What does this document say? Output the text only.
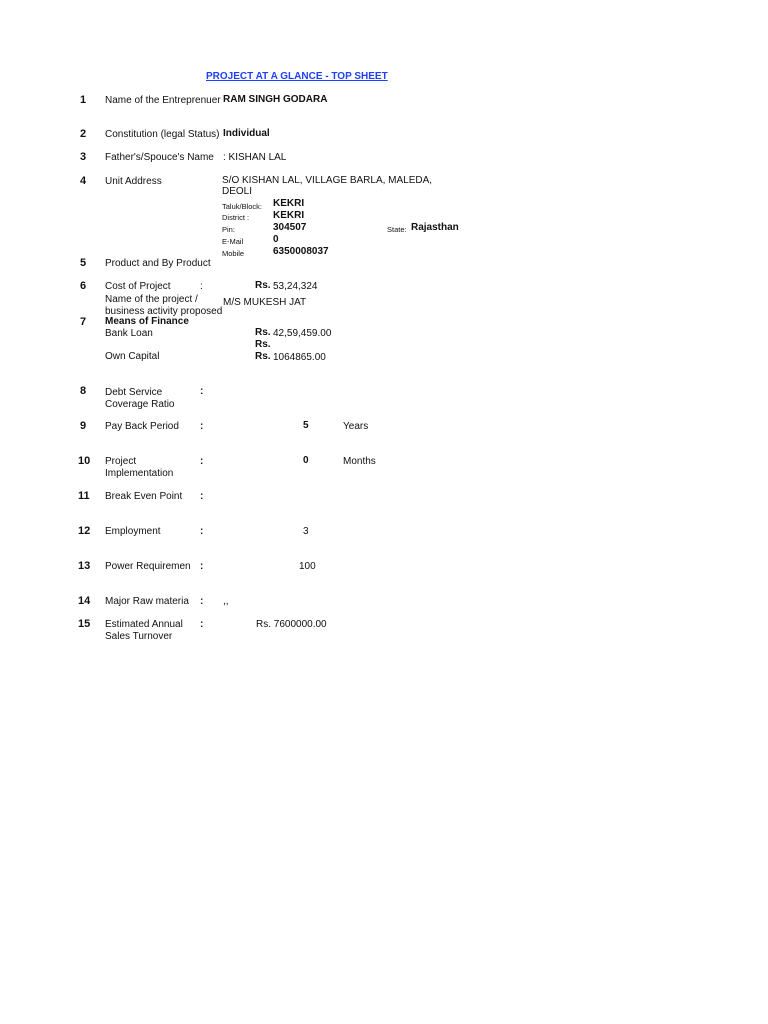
PROJECT AT A GLANCE - TOP SHEET
1 Name of the Entreprenuer RAM SINGH GODARA
2 Constitution (legal Status) Individual
3 Father's/Spouce's Name : KISHAN LAL
4 Unit Address	S/O KISHAN LAL, VILLAGE BARLA, MALEDA,
DEOLI
Taluk/Block: KEKRI
District : KEKRI
Pin:	304507	State: Rajasthan
E-Mail	0
Mobile	6350008037
5 Product and By Product
6 Cost of Project	:	Rs. 53,24,324
Name of the project /
business activity proposed
M/S MUKESH JAT
7 Means of Finance
Bank Loan	Rs. 42,59,459.00
Rs.
Own Capital	Rs. 1064865.00
8 Debt Service
Coverage Ratio
:
9 Pay Back Period :	5	Years
10 Project
Implementation
:	0	Months
11 Break Even Point :
12 Employment	:	3
13 Power Requiremen :	100
14 Major Raw materia : ,,
15 Estimated Annual
Sales Turnover
:	Rs. 7600000.00
